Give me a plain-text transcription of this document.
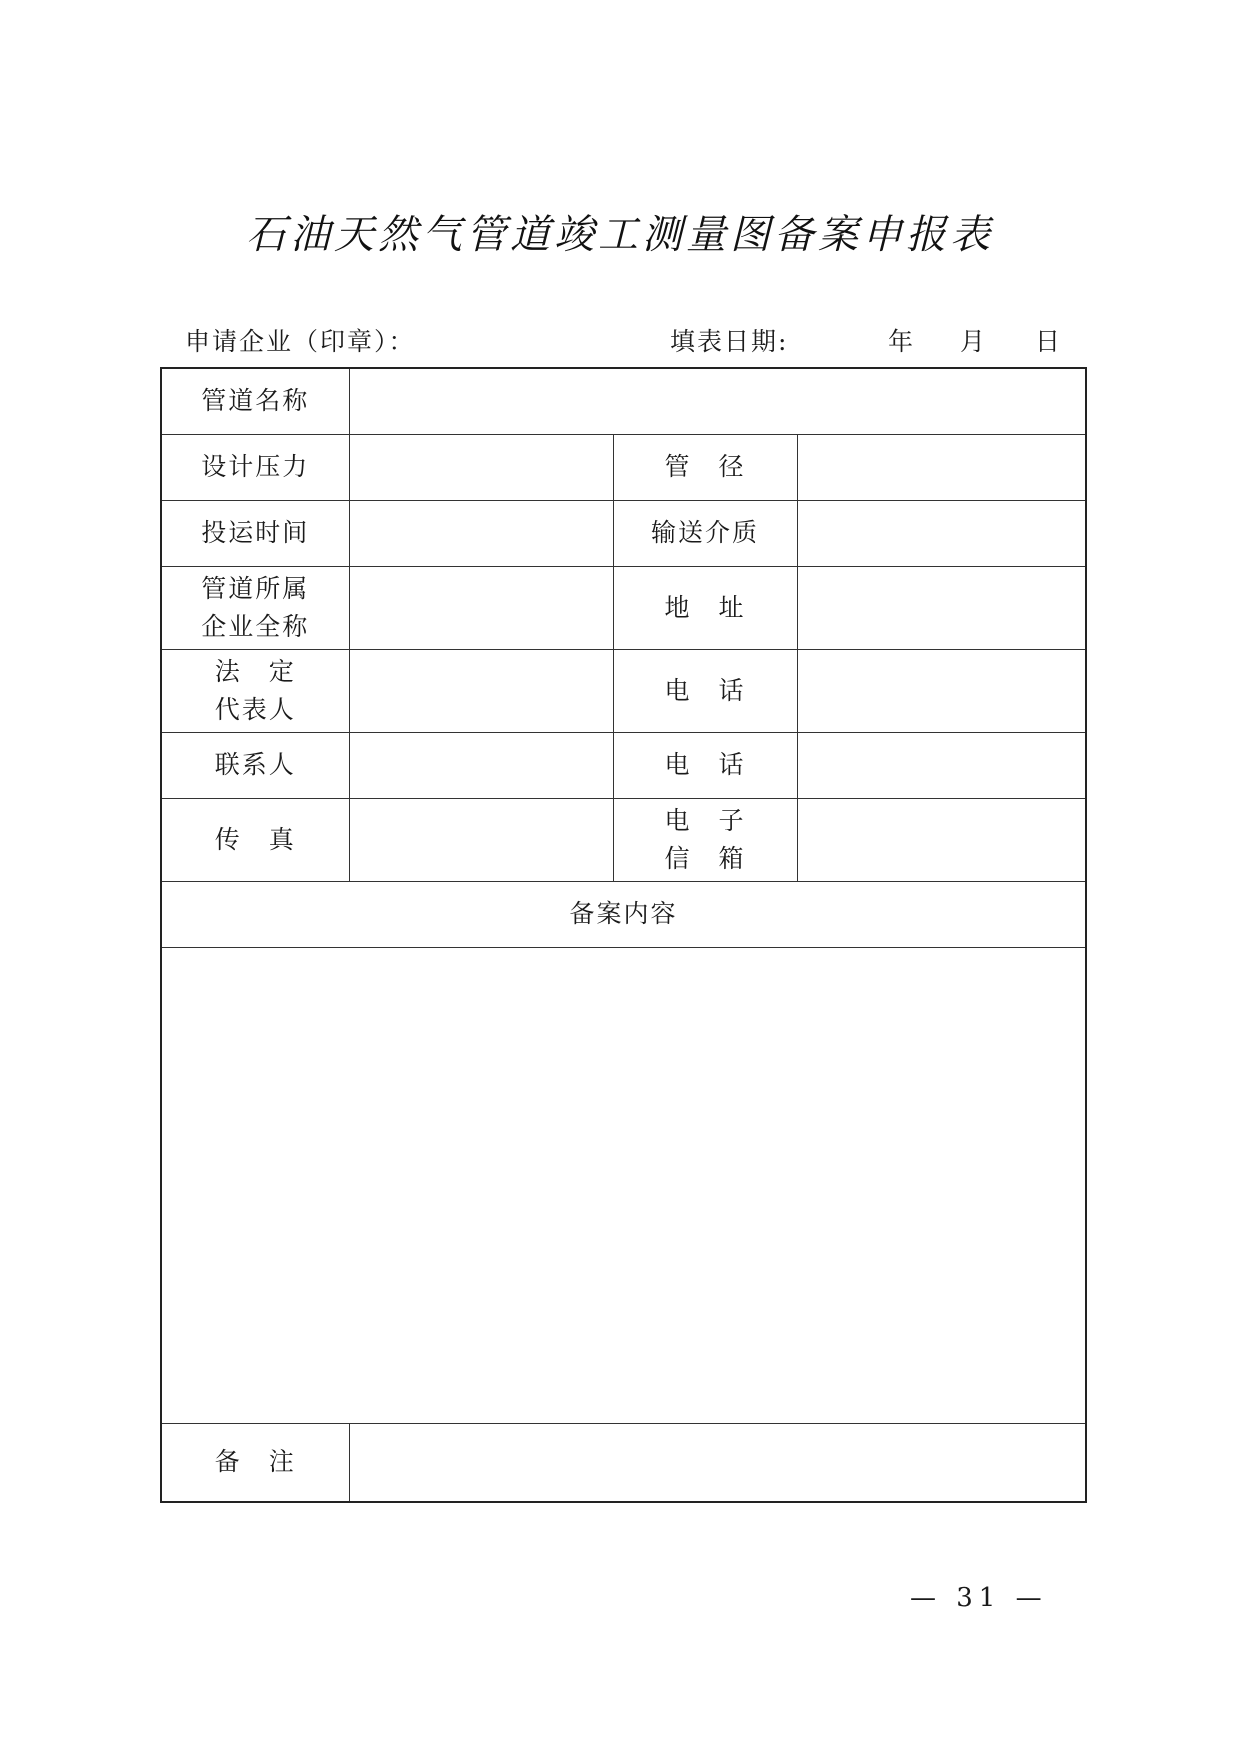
石油天然气管道竣工测量图备案申报表
申请企业（印章）：	填表日期:	年 月 日
管道名称			
设计压力		管　径	
投运时间		输送介质	

管道所属
企业全称		地　址	

法　定
代表人		电　话	
联系人		电　话	
传　真		电　子
信　箱	

备案内容			

备　注			
— 31 —
